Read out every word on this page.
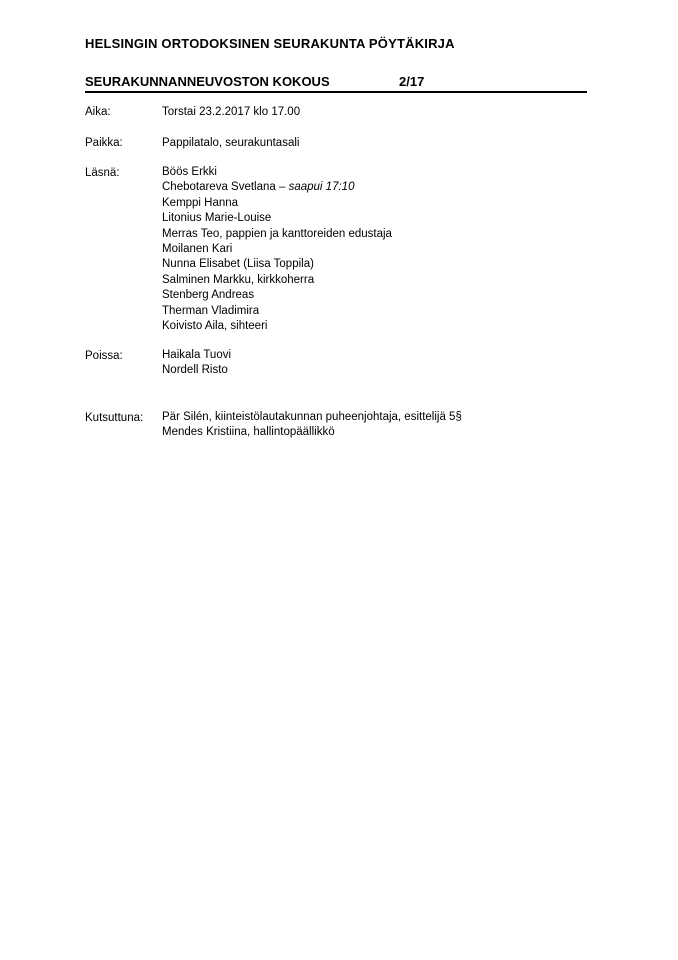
HELSINGIN ORTODOKSINEN SEURAKUNTA PÖYTÄKIRJA
SEURAKUNNANNEUVOSTON KOKOUS	2/17
Aika:	Torstai 23.2.2017 klo 17.00
Paikka:	Pappilatalo, seurakuntasali
Läsnä:	Böös Erkki
Chebotareva Svetlana – saapui 17:10
Kemppi Hanna
Litonius Marie-Louise
Merras Teo, pappien ja kanttoreiden edustaja
Moilanen Kari
Nunna Elisabet (Liisa Toppila)
Salminen Markku, kirkkoherra
Stenberg Andreas
Therman Vladimira
Koivisto Aila, sihteeri
Poissa:	Haikala Tuovi
Nordell Risto
Kutsuttuna: Pär Silén, kiinteistölautakunnan puheenjohtaja, esittelijä 5§
Mendes Kristiina, hallintopäällikkö
